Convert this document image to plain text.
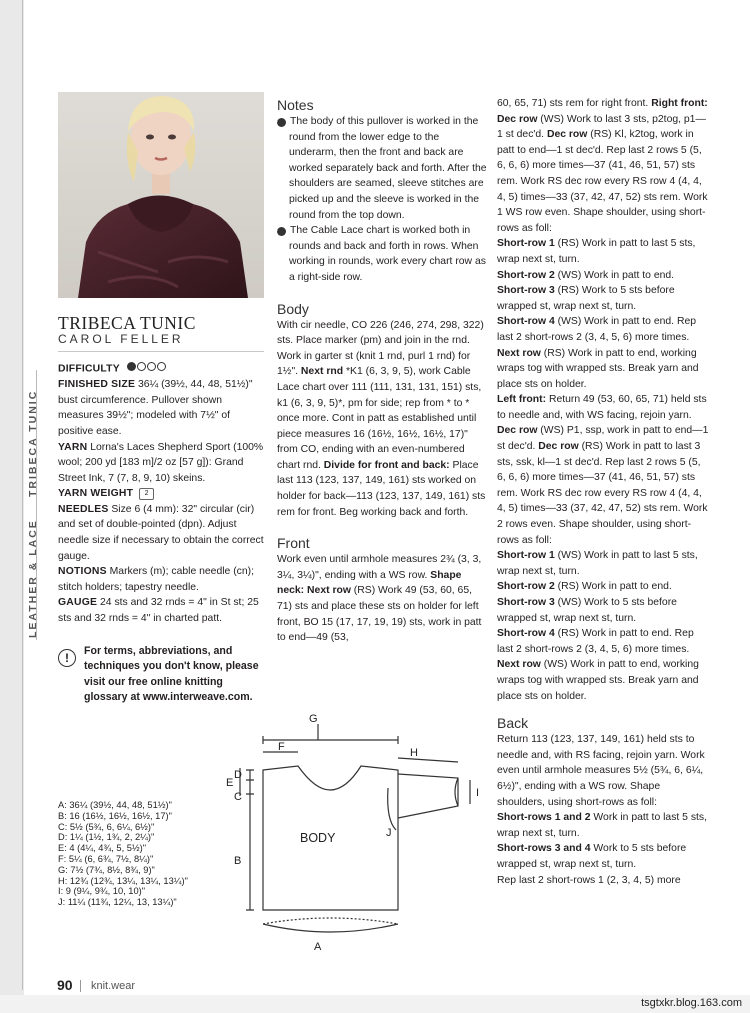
LEATHER & LACE
TRIBECA TUNIC
TRIBECA TUNIC
CAROL FELLER

DIFFICULTY

FINISHED SIZE 36¼ (39½, 44, 48, 51½)" bust circumference. Pullover shown measures 39½"; modeled with 7½" of positive ease.

YARN Lorna's Laces Shepherd Sport (100% wool; 200 yd [183 m]/2 oz [57 g]): Grand Street Ink, 7 (7, 8, 9, 10) skeins.

YARN WEIGHT 2

NEEDLES Size 6 (4 mm): 32" circular (cir) and set of double-pointed (dpn). Adjust needle size if necessary to obtain the correct gauge.

NOTIONS Markers (m); cable needle (cn); stitch holders; tapestry needle.

GAUGE 24 sts and 32 rnds = 4" in St st; 25 sts and 32 rnds = 4" in charted patt.

!	For terms, abbreviations, and techniques you don't know, please visit our free online knitting glossary at www.interweave.com.
Notes

▶ The body of this pullover is worked in the round from the lower edge to the underarm, then the front and back are worked separately back and forth. After the shoulders are seamed, sleeve stitches are picked up and the sleeve is worked in the round from the top down.

▶ The Cable Lace chart is worked both in rounds and back and forth in rows. When working in rounds, work every chart row as a right-side row.

Body

With cir needle, CO 226 (246, 274, 298, 322) sts. Place marker (pm) and join in the rnd. Work in garter st (knit 1 rnd, purl 1 rnd) for 1½". Next rnd *K1 (6, 3, 9, 5), work Cable Lace chart over 111 (111, 131, 131, 151) sts, k1 (6, 3, 9, 5)*, pm for side; rep from * to * once more. Cont in patt as established until piece measures 16 (16½, 16½, 16½, 17)" from CO, ending with an even-numbered chart rnd. Divide for front and back: Place last 113 (123, 137, 149, 161) sts worked on holder for back—113 (123, 137, 149, 161) sts rem for front. Beg working back and forth.

Front

Work even until armhole measures 2¾ (3, 3, 3¼, 3¼)", ending with a WS row. Shape neck: Next row (RS) Work 49 (53, 60, 65, 71) sts and place these sts on holder for left front, BO 15 (17, 17, 19, 19) sts, work in patt to end—49 (53,

60, 65, 71) sts rem for right front. Right front: Dec row (WS) Work to last 3 sts, p2tog, p1—1 st dec'd. Dec row (RS) Kl, k2tog, work in patt to end—1 st dec'd. Rep last 2 rows 5 (5, 6, 6, 6) more times—37 (41, 46, 51, 57) sts rem. Work RS dec row every RS row 4 (4, 4, 4, 5) times—33 (37, 42, 47, 52) sts rem. Work 1 WS row even. Shape shoulder, using short-rows as foll:

Short-row 1 (RS) Work in patt to last 5 sts, wrap next st, turn.

Short-row 2 (WS) Work in patt to end.

Short-row 3 (RS) Work to 5 sts before wrapped st, wrap next st, turn.

Short-row 4 (WS) Work in patt to end. Rep last 2 short-rows 2 (3, 4, 5, 6) more times. Next row (RS) Work in patt to end, working wraps tog with wrapped sts. Break yarn and place sts on holder.

Left front: Return 49 (53, 60, 65, 71) held sts to needle and, with WS facing, rejoin yarn. Dec row (WS) P1, ssp, work in patt to end—1 st dec'd. Dec row (RS) Work in patt to last 3 sts, ssk, kl—1 st dec'd. Rep last 2 rows 5 (5, 6, 6, 6) more times—37 (41, 46, 51, 57) sts rem. Work RS dec row every RS row 4 (4, 4, 4, 5) times—33 (37, 42, 47, 52) sts rem. Work 2 rows even. Shape shoulder, using short-rows as foll:

Short-row 1 (WS) Work in patt to last 5 sts, wrap next st, turn.

Short-row 2 (RS) Work in patt to end.

Short-row 3 (WS) Work to 5 sts before wrapped st, wrap next st, turn.

Short-row 4 (RS) Work in patt to end. Rep last 2 short-rows 2 (3, 4, 5, 6) more times. Next row (WS) Work in patt to end, working wraps tog with wrapped sts. Break yarn and place sts on holder.

Back

Return 113 (123, 137, 149, 161) held sts to needle and, with RS facing, rejoin yarn. Work even until armhole measures 5½ (5¾, 6, 6¼, 6½)", ending with a WS row. Shape shoulders, using short-rows as foll:

Short-rows 1 and 2 Work in patt to last 5 sts, wrap next st, turn.

Short-rows 3 and 4 Work to 5 sts before wrapped st, wrap next st, turn.

Rep last 2 short-rows 1 (2, 3, 4, 5) more

G
F	H
E
D
C
B
I
J
A
BODY
A: 36¼ (39½, 44, 48, 51½)"
B: 16 (16½, 16½, 16½, 17)"
C: 5½ (5¾, 6, 6¼, 6½)"
D: 1¼ (1½, 1¾, 2, 2¼)"
E: 4 (4¼, 4¾, 5, 5½)"
F: 5¼ (6, 6¾, 7½, 8¼)"
G: 7½ (7¾, 8½, 8¾, 9)"
H: 12¾ (12¾, 13¼, 13¼, 13¼)"
I: 9 (9¼, 9¾, 10, 10)"
J: 11¼ (11¾, 12¼, 13, 13¼)"
90 knit.wear
tsgtxkr.blog.163.com
